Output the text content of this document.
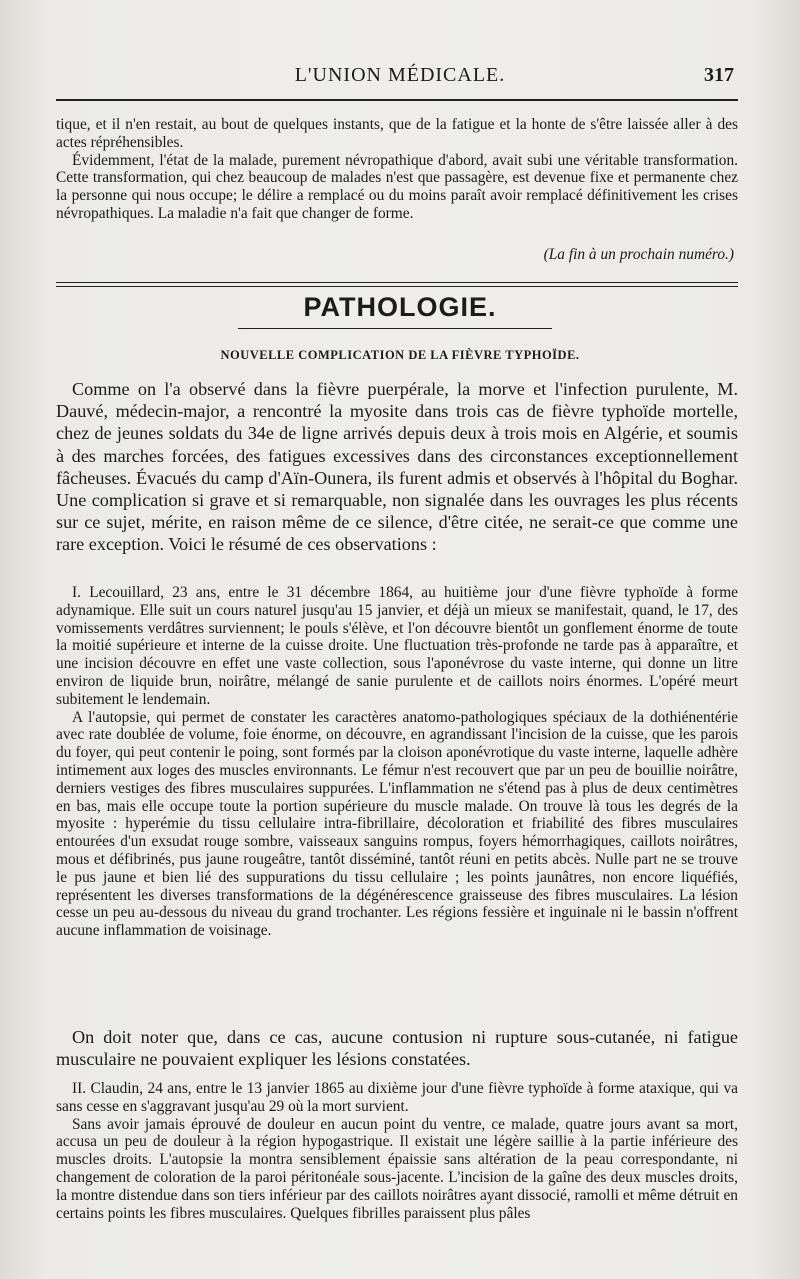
L'UNION MÉDICALE.	317

tique, et il n'en restait, au bout de quelques instants, que de la fatigue et la honte de s'être laissée aller à des actes répréhensibles.

Évidemment, l'état de la malade, purement névropathique d'abord, avait subi une véritable transformation. Cette transformation, qui chez beaucoup de malades n'est que passagère, est devenue fixe et permanente chez la personne qui nous occupe; le délire a remplacé ou du moins paraît avoir remplacé définitivement les crises névropathiques. La maladie n'a fait que changer de forme.

(La fin à un prochain numéro.)
PATHOLOGIE.
NOUVELLE COMPLICATION DE LA FIÈVRE TYPHOÏDE.

Comme on l'a observé dans la fièvre puerpérale, la morve et l'infection purulente, M. Dauvé, médecin-major, a rencontré la myosite dans trois cas de fièvre typhoïde mortelle, chez de jeunes soldats du 34e de ligne arrivés depuis deux à trois mois en Algérie, et soumis à des marches forcées, des fatigues excessives dans des circonstances exceptionnellement fâcheuses. Évacués du camp d'Aïn-Ounera, ils furent admis et observés à l'hôpital du Boghar. Une complication si grave et si remarquable, non signalée dans les ouvrages les plus récents sur ce sujet, mérite, en raison même de ce silence, d'être citée, ne serait-ce que comme une rare exception. Voici le résumé de ces observations :

I. Lecouillard, 23 ans, entre le 31 décembre 1864, au huitième jour d'une fièvre typhoïde à forme adynamique. Elle suit un cours naturel jusqu'au 15 janvier, et déjà un mieux se manifestait, quand, le 17, des vomissements verdâtres surviennent; le pouls s'élève, et l'on découvre bientôt un gonflement énorme de toute la moitié supérieure et interne de la cuisse droite. Une fluctuation très-profonde ne tarde pas à apparaître, et une incision découvre en effet une vaste collection, sous l'aponévrose du vaste interne, qui donne un litre environ de liquide brun, noirâtre, mélangé de sanie purulente et de caillots noirs énormes. L'opéré meurt subitement le lendemain.

A l'autopsie, qui permet de constater les caractères anatomo-pathologiques spéciaux de la dothiénentérie avec rate doublée de volume, foie énorme, on découvre, en agrandissant l'incision de la cuisse, que les parois du foyer, qui peut contenir le poing, sont formés par la cloison aponévrotique du vaste interne, laquelle adhère intimement aux loges des muscles environnants. Le fémur n'est recouvert que par un peu de bouillie noirâtre, derniers vestiges des fibres musculaires suppurées. L'inflammation ne s'étend pas à plus de deux centimètres en bas, mais elle occupe toute la portion supérieure du muscle malade. On trouve là tous les degrés de la myosite : hyperémie du tissu cellulaire intra-fibrillaire, décoloration et friabilité des fibres musculaires entourées d'un exsudat rouge sombre, vaisseaux sanguins rompus, foyers hémorrhagiques, caillots noirâtres, mous et défibrinés, pus jaune rougeâtre, tantôt disséminé, tantôt réuni en petits abcès. Nulle part ne se trouve le pus jaune et bien lié des suppurations du tissu cellulaire ; les points jaunâtres, non encore liquéfiés, représentent les diverses transformations de la dégénérescence graisseuse des fibres musculaires. La lésion cesse un peu au-dessous du niveau du grand trochanter. Les régions fessière et inguinale ni le bassin n'offrent aucune inflammation de voisinage.

On doit noter que, dans ce cas, aucune contusion ni rupture sous-cutanée, ni fatigue musculaire ne pouvaient expliquer les lésions constatées.

II. Claudin, 24 ans, entre le 13 janvier 1865 au dixième jour d'une fièvre typhoïde à forme ataxique, qui va sans cesse en s'aggravant jusqu'au 29 où la mort survient.

Sans avoir jamais éprouvé de douleur en aucun point du ventre, ce malade, quatre jours avant sa mort, accusa un peu de douleur à la région hypogastrique. Il existait une légère saillie à la partie inférieure des muscles droits. L'autopsie la montra sensiblement épaissie sans altération de la peau correspondante, ni changement de coloration de la paroi péritonéale sous-jacente. L'incision de la gaîne des deux muscles droits, la montre distendue dans son tiers inférieur par des caillots noirâtres ayant dissocié, ramolli et même détruit en certains points les fibres musculaires. Quelques fibrilles paraissent plus pâles
